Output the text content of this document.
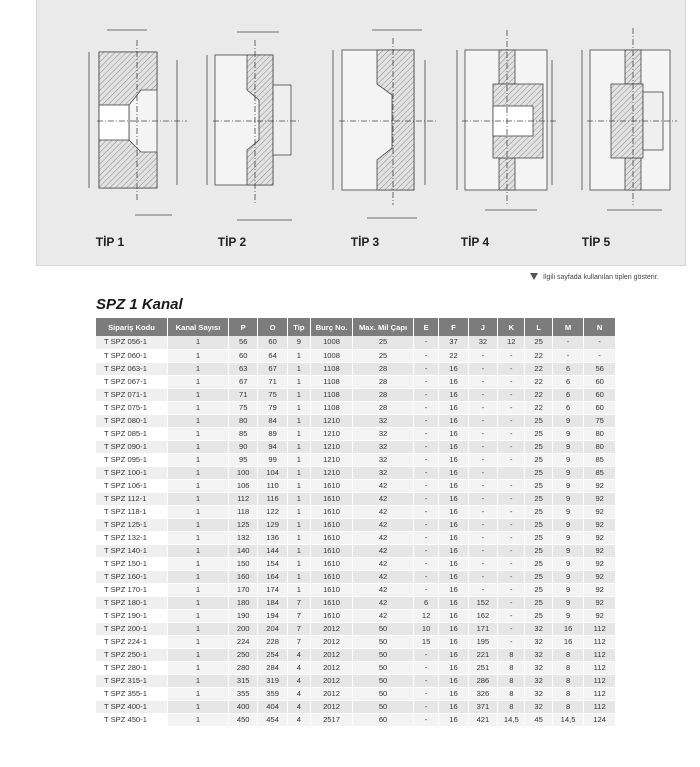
TİP 1	TİP 2	TİP 3	TİP 4	TİP 5
İlgili sayfada kullanılan tipleri gösterir.
SPZ 1 Kanal
Sipariş Kodu	Kanal Sayısı	P	O	Tip	Burç No.	Max. Mil Çapı	E	F	J	K	L	M	N
T SPZ 056-1	1	56	60	9	1008	25	-	37	32	12	25	-	-
T SPZ 060-1	1	60	64	1	1008	25	-	22	-	-	22	-	-
T SPZ 063-1	1	63	67	1	1108	28	-	16	-	-	22	6	56
T SPZ 067-1	1	67	71	1	1108	28	-	16	-	-	22	6	60
T SPZ 071-1	1	71	75	1	1108	28	-	16	-	-	22	6	60
T SPZ 075-1	1	75	79	1	1108	28	-	16	-	-	22	6	60
T SPZ 080-1	1	80	84	1	1210	32	-	16	-	-	25	9	75
T SPZ 085-1	1	85	89	1	1210	32	-	16	-	-	25	9	80
T SPZ 090-1	1	90	94	1	1210	32	-	16	-	-	25	9	80
T SPZ 095-1	1	95	99	1	1210	32	-	16	-	-	25	9	85
T SPZ 100-1	1	100	104	1	1210	32	-	16	-		25	9	85
T SPZ 106-1	1	106	110	1	1610	42	-	16	-	-	25	9	92
T SPZ 112-1	1	112	116	1	1610	42	-	16	-	-	25	9	92
T SPZ 118-1	1	118	122	1	1610	42	-	16	-	-	25	9	92
T SPZ 125-1	1	125	129	1	1610	42	-	16	-	-	25	9	92
T SPZ 132-1	1	132	136	1	1610	42	-	16	-	-	25	9	92
T SPZ 140-1	1	140	144	1	1610	42	-	16	-	-	25	9	92
T SPZ 150-1	1	150	154	1	1610	42	-	16	-	-	25	9	92
T SPZ 160-1	1	160	164	1	1610	42	-	16	-	-	25	9	92
T SPZ 170-1	1	170	174	1	1610	42	-	16	-	-	25	9	92
T SPZ 180-1	1	180	184	7	1610	42	6	16	152	-	25	9	92
T SPZ 190-1	1	190	194	7	1610	42	12	16	162	-	25	9	92
T SPZ 200-1	1	200	204	7	2012	50	10	16	171	-	32	16	112
T SPZ 224-1	1	224	228	7	2012	50	15	16	195	-	32	16	112
T SPZ 250-1	1	250	254	4	2012	50	-	16	221	8	32	8	112
T SPZ 280-1	1	280	284	4	2012	50	-	16	251	8	32	8	112
T SPZ 315-1	1	315	319	4	2012	50	-	16	286	8	32	8	112
T SPZ 355-1	1	355	359	4	2012	50	-	16	326	8	32	8	112
T SPZ 400-1	1	400	404	4	2012	50	-	16	371	8	32	8	112
T SPZ 450-1	1	450	454	4	2517	60	-	16	421	14,5	45	14,5	124
